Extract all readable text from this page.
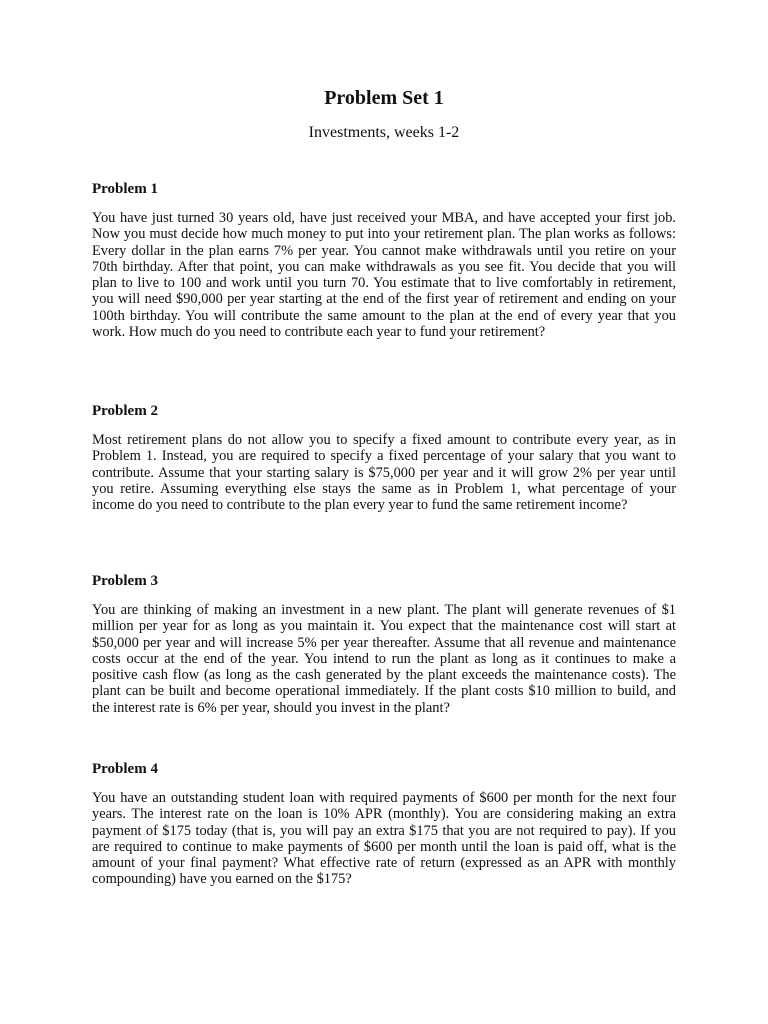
Problem Set 1
Investments, weeks 1-2
Problem 1

You have just turned 30 years old, have just received your MBA, and have accepted your first job. Now you must decide how much money to put into your retirement plan. The plan works as follows: Every dollar in the plan earns 7% per year. You cannot make withdrawals until you retire on your 70th birthday. After that point, you can make withdrawals as you see fit. You decide that you will plan to live to 100 and work until you turn 70. You estimate that to live comfortably in retirement, you will need $90,000 per year starting at the end of the first year of retirement and ending on your 100th birthday. You will contribute the same amount to the plan at the end of every year that you work. How much do you need to contribute each year to fund your retirement?

Problem 2

Most retirement plans do not allow you to specify a fixed amount to contribute every year, as in Problem 1. Instead, you are required to specify a fixed percentage of your salary that you want to contribute. Assume that your starting salary is $75,000 per year and it will grow 2% per year until you retire. Assuming everything else stays the same as in Problem 1, what percentage of your income do you need to contribute to the plan every year to fund the same retirement income?

Problem 3

You are thinking of making an investment in a new plant. The plant will generate revenues of $1 million per year for as long as you maintain it. You expect that the maintenance cost will start at $50,000 per year and will increase 5% per year thereafter. Assume that all revenue and maintenance costs occur at the end of the year. You intend to run the plant as long as it continues to make a positive cash flow (as long as the cash generated by the plant exceeds the maintenance costs). The plant can be built and become operational immediately. If the plant costs $10 million to build, and the interest rate is 6% per year, should you invest in the plant?

Problem 4

You have an outstanding student loan with required payments of $600 per month for the next four years. The interest rate on the loan is 10% APR (monthly). You are considering making an extra payment of $175 today (that is, you will pay an extra $175 that you are not required to pay). If you are required to continue to make payments of $600 per month until the loan is paid off, what is the amount of your final payment? What effective rate of return (expressed as an APR with monthly compounding) have you earned on the $175?
